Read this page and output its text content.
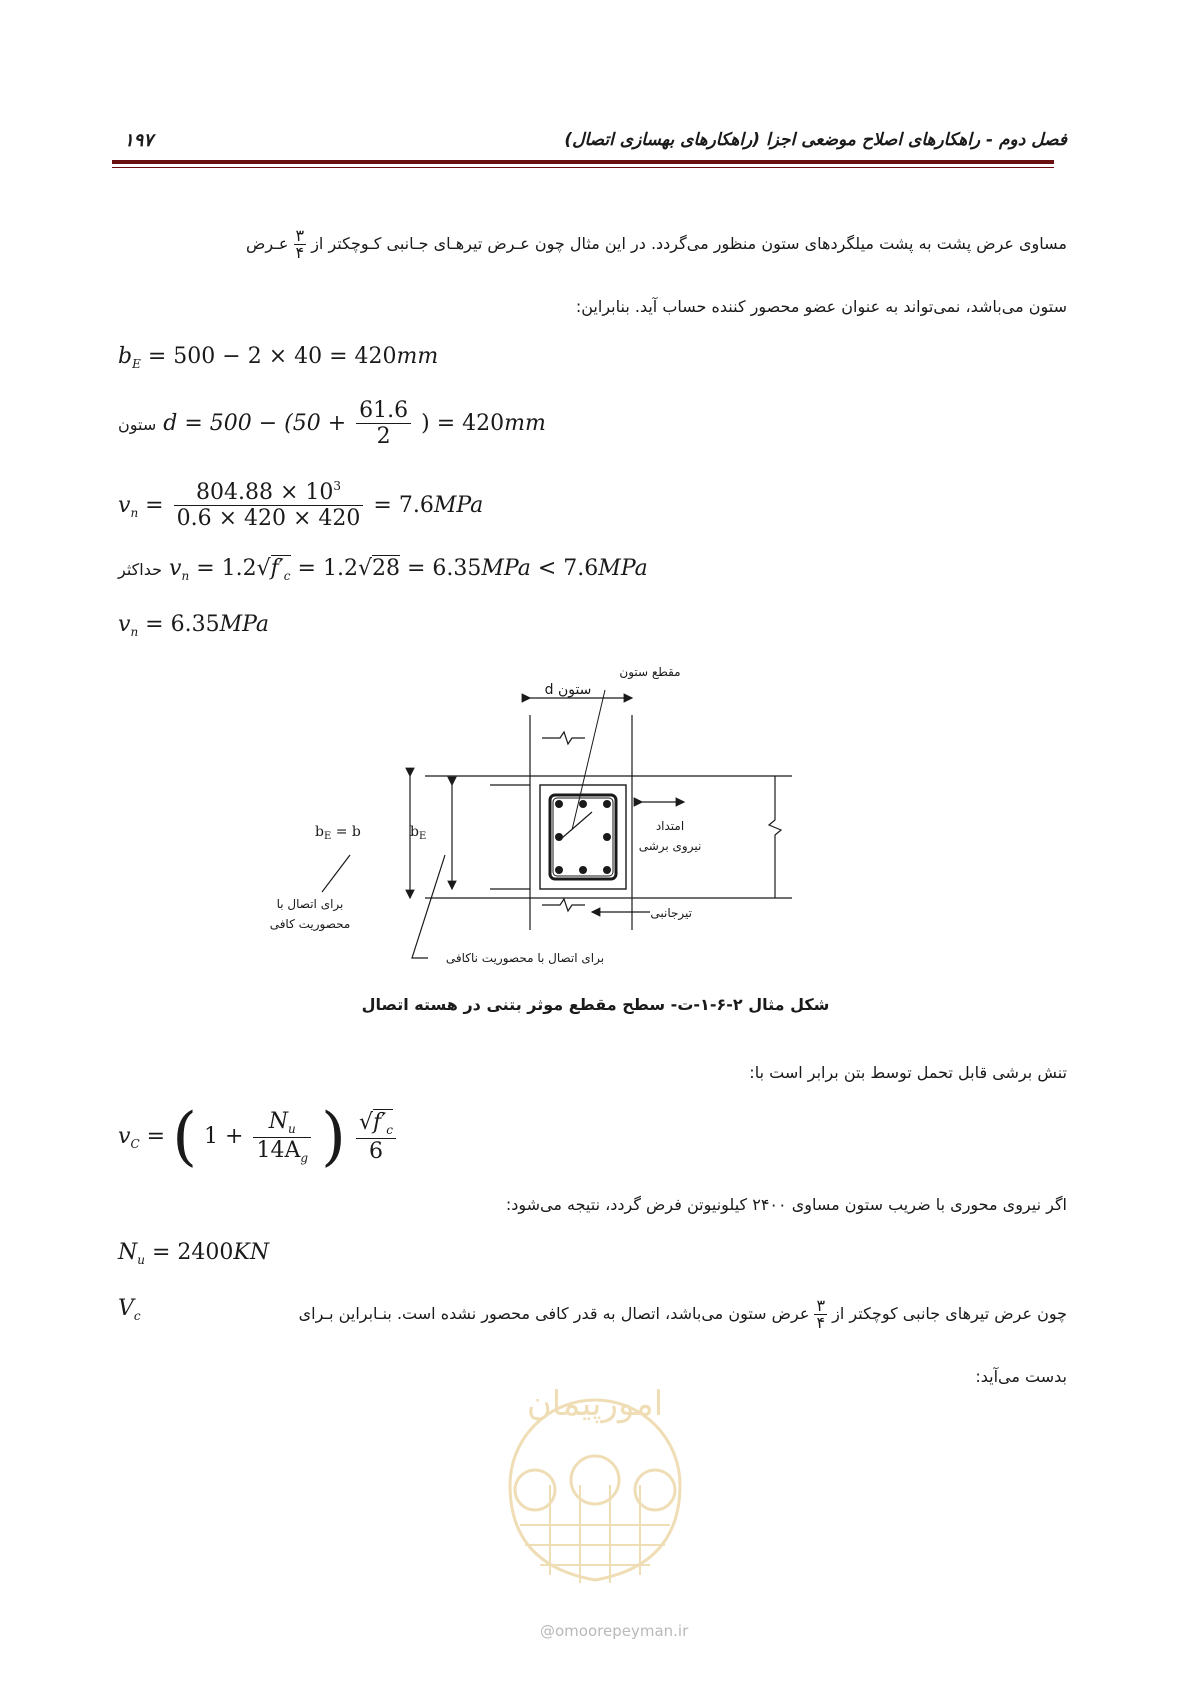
فصل دوم - راهکارهای اصلاح موضعی اجزا (راهکارهای بهسازی اتصال)
۱۹۷
مساوی عرض پشت به پشت میلگردهای ستون منظور می‌گردد. در این مثال چون عـرض تیرهـای جـانبی کـوچکتر از
۳
۴
عـرض
ستون می‌باشد، نمی‌تواند به عنوان عضو محصور کننده حساب آید. بنابراین:
$b_E = 500 - 2 \times 40 = 420mm$
ستون $d = 500 - (50 + \frac{61.6}{2}$ ) = 420mm
$v_n = \frac{804.88 \times 10^3}{0.6 \times 420 \times 420} = 7.6MPa$
حداکثر $v_n = 1.2√f'_c = 1.2√28 = 6.35MPa < 7.6MPa$
$v_n = 6.35MPa$
d ستون
مقطع ستون
امتداد
نیروی برشی
تیرجانبی
$b_E = b$	$b_E$
برای اتصال با
محصوریت کافی
برای اتصال با محصوریت ناکافی
شکل مثال ۲-۶-۱-ت- سطح مقطع موثر بتنی در هسته اتصال
تنش برشی قابل تحمل توسط بتن برابر است با:
$v_C$ = ( $1 + \frac{N_u}{14A_g}$ ) $\frac{√f'_c}{6}$
اگر نیروی محوری با ضریب ستون مساوی ۲۴۰۰ کیلونیوتن فرض گردد، نتیجه می‌شود:
$N_u = 2400KN$
چون عرض تیرهای جانبی کوچکتر از
۳
۴
عرض ستون می‌باشد، اتصال به قدر کافی محصور نشده است. بنـابراین بـرای
$V_c$
بدست می‌آید:
امورپیمان
@omoorepeyman.ir
